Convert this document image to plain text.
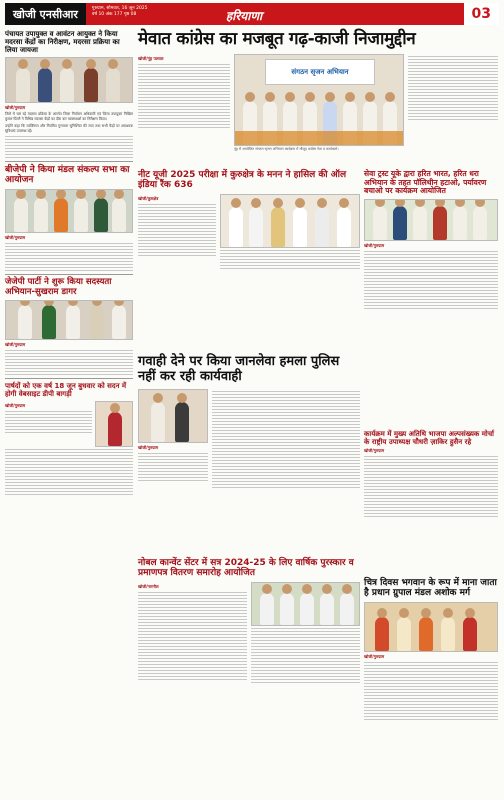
खोजी एनसीआर	गुरुग्राम, सोमवार, 16 जून 2025
वर्ष 10 अंक 177 पृष्ठ 08	हरियाणा	03
पंचायत उपायुक्त व आवंटन आयुक्त ने किया मदरसा केंद्रों का निरीक्षण, मदरसा प्रक्रिया का लिया जायजा
खोजी/गुरुग्राम

जिले में चल रहे मदरसा प्रक्रिया के अंतर्गत जिला निर्वाचन अधिकारी एवं जिला उपायुक्त निखिल कुमार पिल्लै ने विभिन्न मदरसा केंद्रों का दौरा कर व्यवस्थाओं का निरीक्षण किया।

उन्होंने कहा कि व्यक्तिगत और नियमित गुणवत्ता सुनिश्चित की जाए तथा सभी केंद्रों पर आवश्यक सुविधाएं उपलब्ध रहें।

बीजेपी ने किया मंडल संकल्प सभा का आयोजन
खोजी/गुरुग्राम
जेजेपी पार्टी ने शुरू किया सदस्यता अभियान-सुखराम डागर
खोजी/गुरुग्राम
पार्षदों को एक वर्ष 18 जून बुधवार को सदन में होगी वेबसाइट डीपी बागड़ी
खोजी/गुरुग्राम
मेवात कांग्रेस का मजबूत गढ़-काजी निजामुद्दीन
खोजी/नूंह पलवल
संगठन सृजन अभियान
नूंह में आयोजित संगठन सृजन अभियान कार्यक्रम में मौजूद कांग्रेस नेता व कार्यकर्ता।
नीट यूजी 2025 परीक्षा में कुरुक्षेत्र के मनन ने हासिल की ऑल इंडिया रैंक 636
खोजी/कुरुक्षेत्र
सेवा ट्रस्ट यूके द्वारा हरित भारत, हरित धरा अभियान के तहत पॉलिथीन हटाओ, पर्यावरण बचाओ पर कार्यक्रम आयोजित
खोजी/गुरुग्राम
गवाही देने पर किया जानलेवा हमला पुलिस नहीं कर रही कार्यवाही
खोजी/गुरुग्राम
कार्यक्रम में मुख्य अतिथि भाजपा अल्पसंख्यक मोर्चा के राष्ट्रीय उपाध्यक्ष चौधरी ज़ाकिर हुसैन रहे
खोजी/गुरुग्राम
नोबल कान्वेंट सेंटर में सत्र 2024-25 के लिए वार्षिक पुरस्कार व प्रमाणपत्र वितरण समारोह आयोजित
खोजी/नारनौल	चित्र दिवस भगवान के रूप में माना जाता है प्रधान ग्रुपाल मंडल अशोक मर्ग
खोजी/गुरुग्राम
